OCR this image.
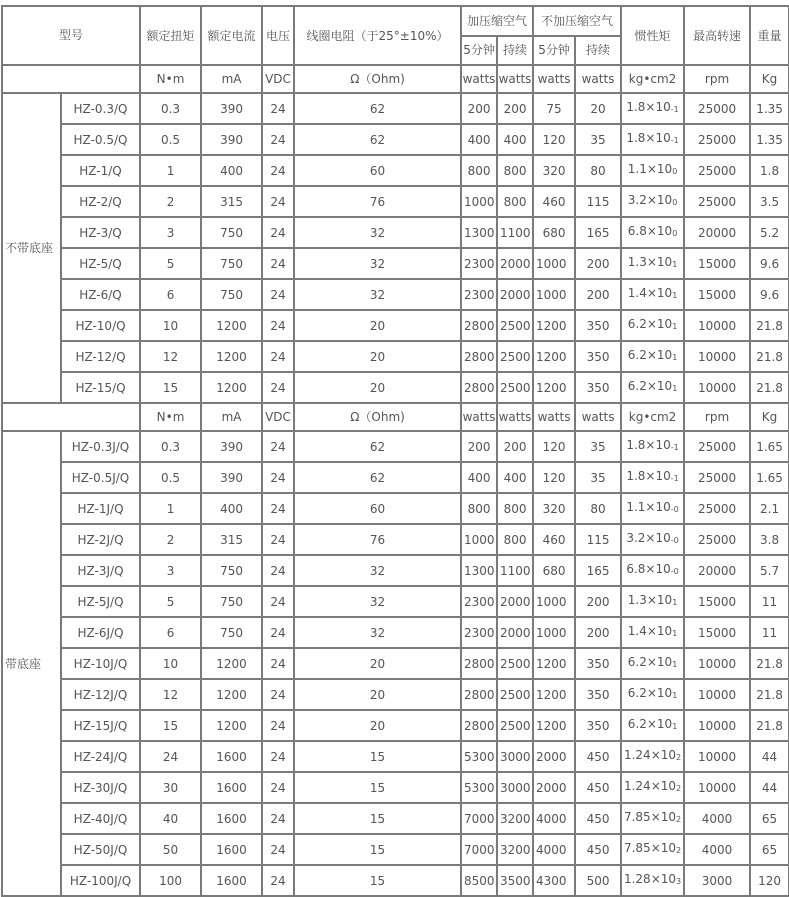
型号		额定扭矩	额定电流	电压	线圈电阻（于25°±10%）	加压缩空气		不加压缩空气		惯性矩	最高转速	重量
						5分钟	持续	5分钟	持续			
		N•m	mA	VDC	Ω（Ohm)	watts	watts	watts	watts	kg•cm2	rpm	Kg
不带底座	HZ-0.3/Q	0.3	390	24	62	200	200	75	20	1.8×10-1	25000	1.35
	HZ-0.5/Q	0.5	390	24	62	400	400	120	35	1.8×10-1	25000	1.35
	HZ-1/Q	1	400	24	60	800	800	320	80	1.1×100	25000	1.8
	HZ-2/Q	2	315	24	76	1000	800	460	115	3.2×100	25000	3.5
	HZ-3/Q	3	750	24	32	1300	1100	680	165	6.8×100	20000	5.2
	HZ-5/Q	5	750	24	32	2300	2000	1000	200	1.3×101	15000	9.6
	HZ-6/Q	6	750	24	32	2300	2000	1000	200	1.4×101	15000	9.6
	HZ-10/Q	10	1200	24	20	2800	2500	1200	350	6.2×101	10000	21.8
	HZ-12/Q	12	1200	24	20	2800	2500	1200	350	6.2×101	10000	21.8
	HZ-15/Q	15	1200	24	20	2800	2500	1200	350	6.2×101	10000	21.8
		N•m	mA	VDC	Ω（Ohm)	watts	watts	watts	watts	kg•cm2	rpm	Kg
带底座	HZ-0.3J/Q	0.3	390	24	62	200	200	120	35	1.8×10-1	25000	1.65
	HZ-0.5J/Q	0.5	390	24	62	400	400	120	35	1.8×10-1	25000	1.65
	HZ-1J/Q	1	400	24	60	800	800	320	80	1.1×10-0	25000	2.1
	HZ-2J/Q	2	315	24	76	1000	800	460	115	3.2×10-0	25000	3.8
	HZ-3J/Q	3	750	24	32	1300	1100	680	165	6.8×10-0	20000	5.7
	HZ-5J/Q	5	750	24	32	2300	2000	1000	200	1.3×101	15000	11
	HZ-6J/Q	6	750	24	32	2300	2000	1000	200	1.4×101	15000	11
	HZ-10J/Q	10	1200	24	20	2800	2500	1200	350	6.2×101	10000	21.8
	HZ-12J/Q	12	1200	24	20	2800	2500	1200	350	6.2×101	10000	21.8
	HZ-15J/Q	15	1200	24	20	2800	2500	1200	350	6.2×101	10000	21.8
	HZ-24J/Q	24	1600	24	15	5300	3000	2000	450	1.24×102	10000	44
	HZ-30J/Q	30	1600	24	15	5300	3000	2000	450	1.24×102	10000	44
	HZ-40J/Q	40	1600	24	15	7000	3200	4000	450	7.85×102	4000	65
	HZ-50J/Q	50	1600	24	15	7000	3200	4000	450	7.85×102	4000	65
	HZ-100J/Q	100	1600	24	15	8500	3500	4300	500	1.28×103	3000	120
